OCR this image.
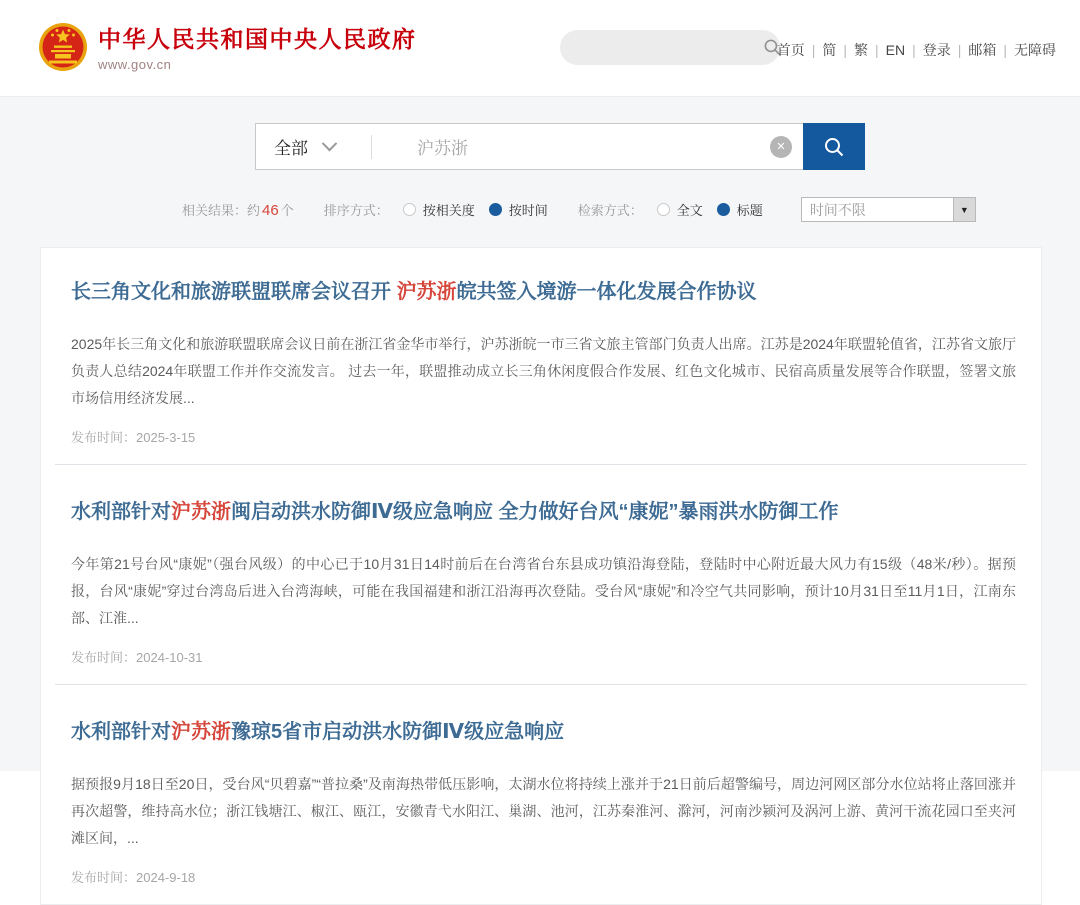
中华人民共和国中央人民政府
www.gov.cn
首页 | 简 | 繁 | EN | 登录 | 邮箱 | 无障碍
全部
沪苏浙	✕
相关结果：约 46 个 排序方式：	按相关度	按时间 检索方式：	全文	标题	时间不限	▼
长三角文化和旅游联盟联席会议召开 沪苏浙皖共签入境游一体化发展合作协议

2025年长三角文化和旅游联盟联席会议日前在浙江省金华市举行，沪苏浙皖一市三省文旅主管部门负责人出席。江苏是2024年联盟轮值省，江苏省文旅厅负责人总结2024年联盟工作并作交流发言。 过去一年，联盟推动成立长三角休闲度假合作发展、红色文化城市、民宿高质量发展等合作联盟，签署文旅市场信用经济发展...

发布时间：2025-3-15
水利部针对沪苏浙闽启动洪水防御Ⅳ级应急响应 全力做好台风“康妮”暴雨洪水防御工作

今年第21号台风“康妮”（强台风级）的中心已于10月31日14时前后在台湾省台东县成功镇沿海登陆，登陆时中心附近最大风力有15级（48米/秒）。据预报，台风“康妮”穿过台湾岛后进入台湾海峡，可能在我国福建和浙江沿海再次登陆。受台风“康妮”和冷空气共同影响，预计10月31日至11月1日，江南东部、江淮...

发布时间：2024-10-31
水利部针对沪苏浙豫琼5省市启动洪水防御Ⅳ级应急响应

据预报9月18日至20日，受台风“贝碧嘉”“普拉桑”及南海热带低压影响，太湖水位将持续上涨并于21日前后超警编号，周边河网区部分水位站将止落回涨并再次超警，维持高水位；浙江钱塘江、椒江、瓯江，安徽青弋水阳江、巢湖、池河，江苏秦淮河、滁河，河南沙颍河及涡河上游、黄河干流花园口至夹河滩区间，...

发布时间：2024-9-18
